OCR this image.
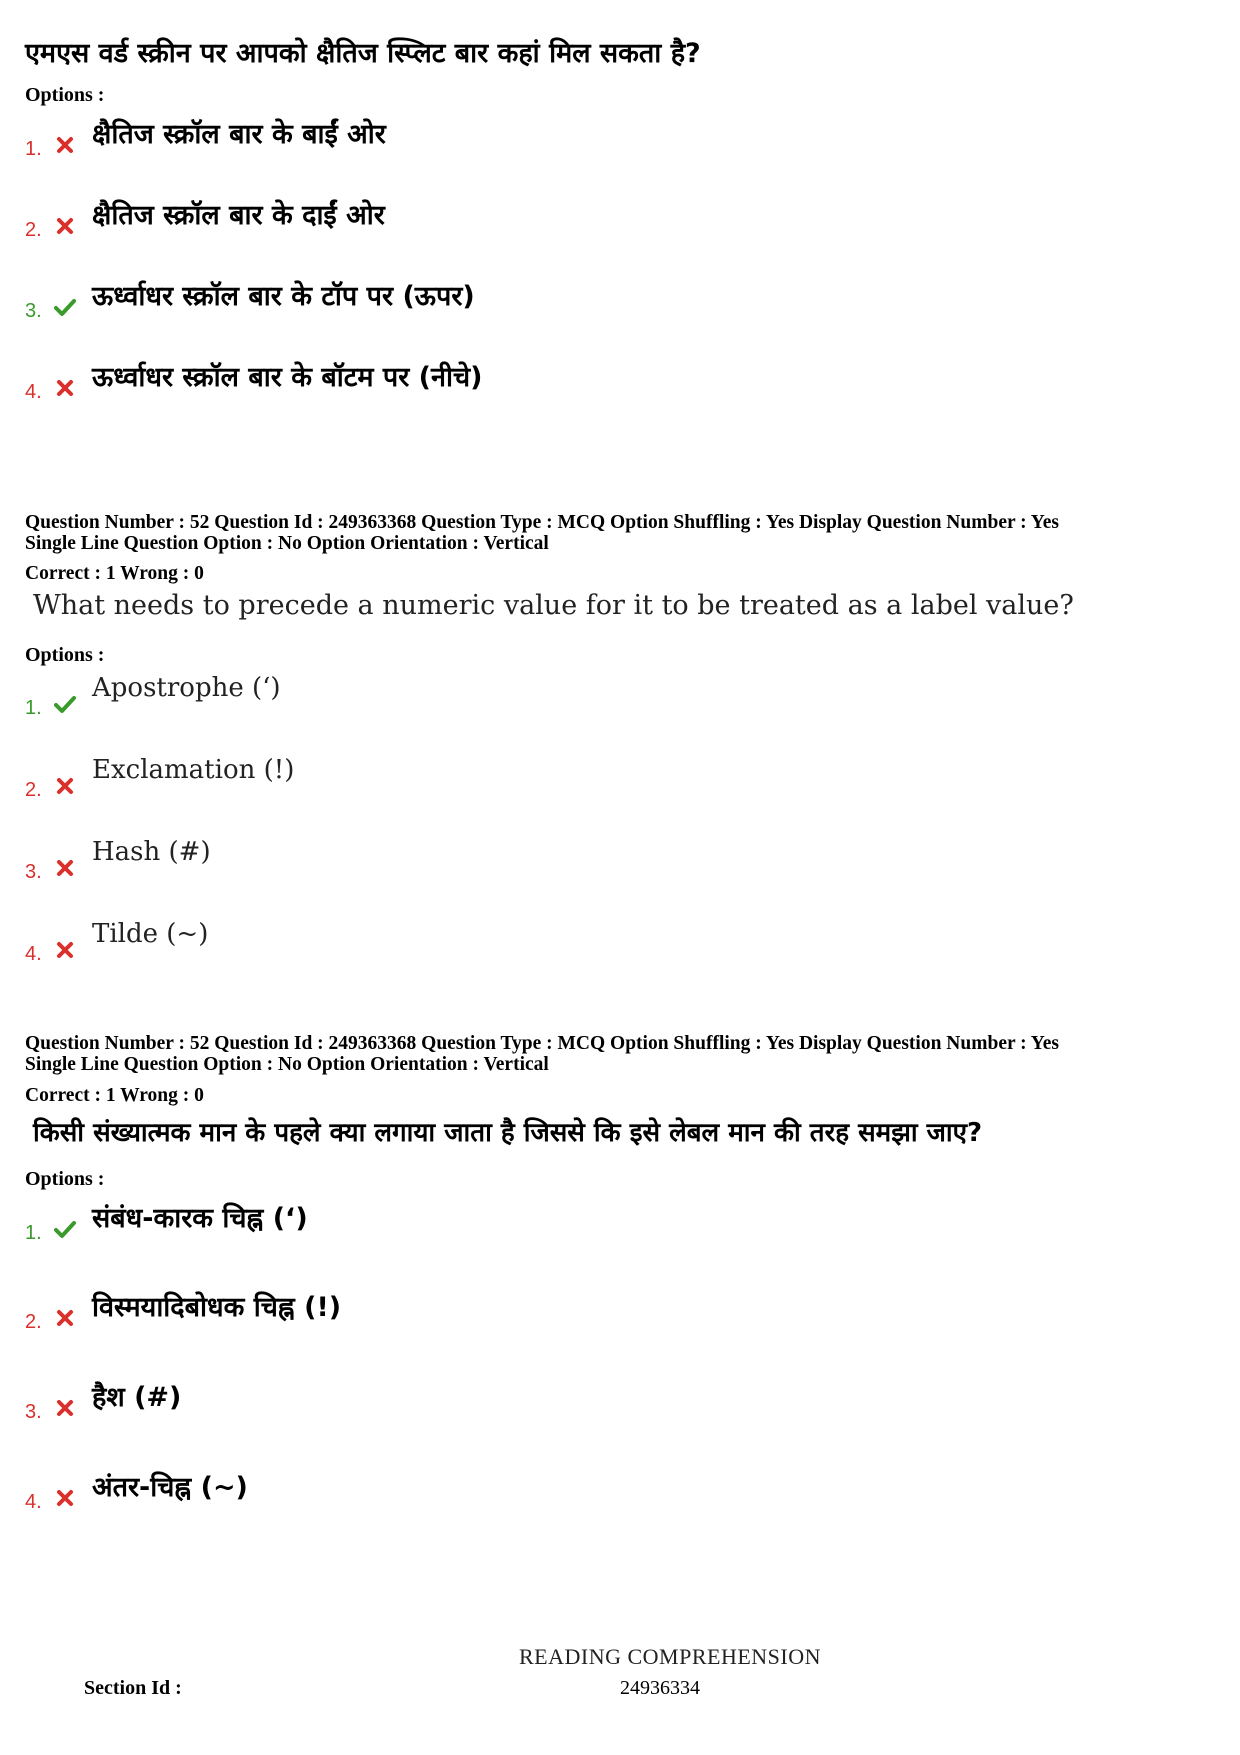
एमएस वर्ड स्क्रीन पर आपको क्षैतिज स्प्लिट बार कहां मिल सकता है?
Options :
1. क्षैतिज स्क्रॉल बार के बाईं ओर
2. क्षैतिज स्क्रॉल बार के दाईं ओर
3. ऊर्ध्वाधर स्क्रॉल बार के टॉप पर (ऊपर)
4. ऊर्ध्वाधर स्क्रॉल बार के बॉटम पर (नीचे)
Question Number : 52 Question Id : 249363368 Question Type : MCQ Option Shuffling : Yes Display Question Number : Yes
Single Line Question Option : No Option Orientation : Vertical
Correct : 1 Wrong : 0
What needs to precede a numeric value for it to be treated as a label value?
Options :
1.
Apostrophe (‘)
2.
Exclamation (!)
3.
Hash (#)
4.
Tilde (~)
Question Number : 52 Question Id : 249363368 Question Type : MCQ Option Shuffling : Yes Display Question Number : Yes
Single Line Question Option : No Option Orientation : Vertical
Correct : 1 Wrong : 0
किसी संख्यात्मक मान के पहले क्या लगाया जाता है जिससे कि इसे लेबल मान की तरह समझा जाए?
Options :
1. संबंध-कारक चिह्न (‘)
2. विस्मयादिबोधक चिह्न (!)
3. हैश (#)
4. अंतर-चिह्न (~)
READING COMPREHENSION
Section Id :	24936334
